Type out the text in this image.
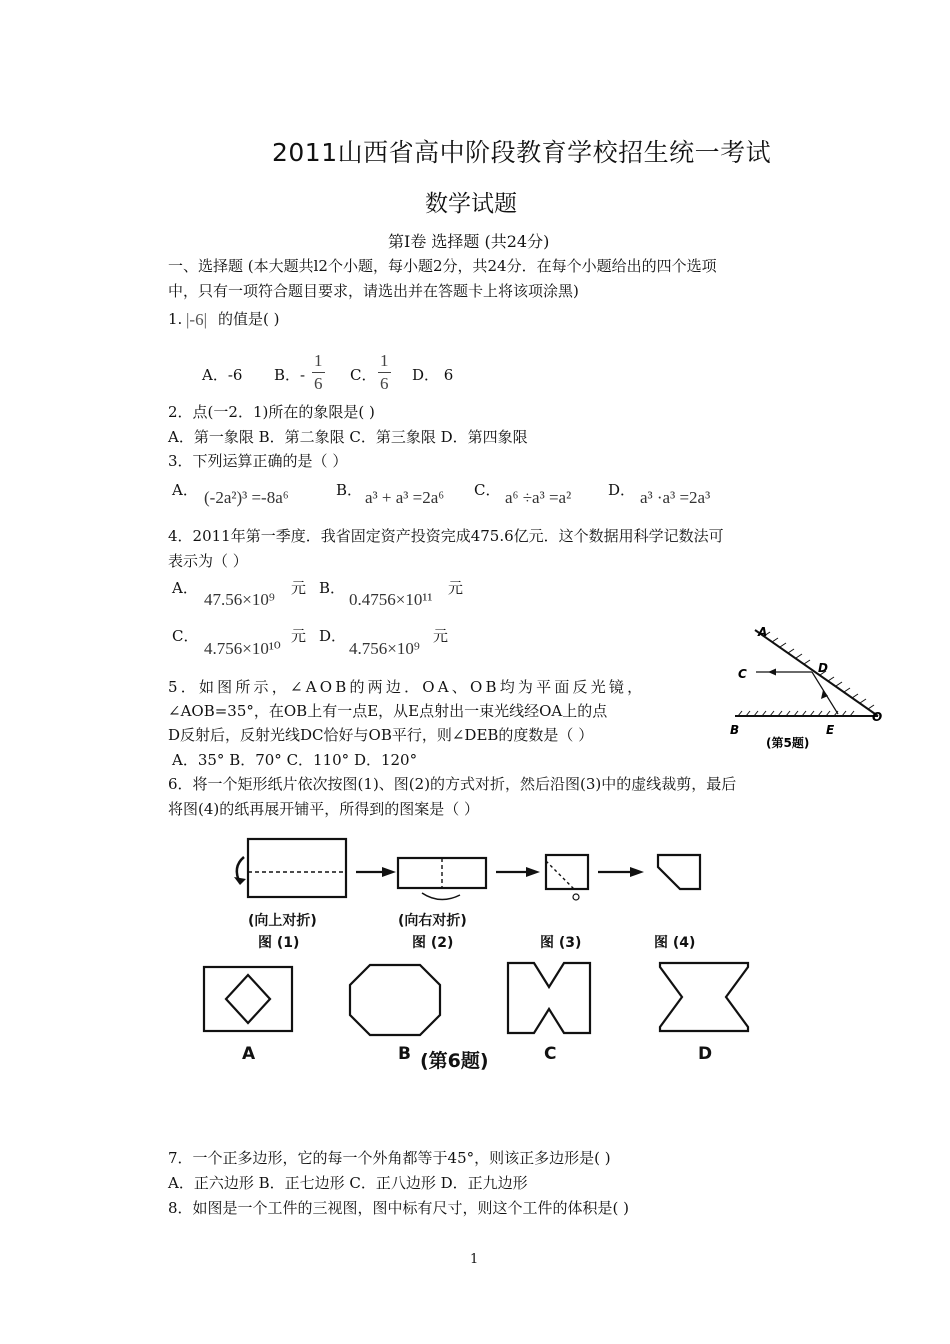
2011山西省高中阶段教育学校招生统一考试
数学试题
第Ⅰ卷 选择题 (共24分)
一、选择题 (本大题共l2个小题，每小题2分，共24分．在每个小题给出的四个选项
中，只有一项符合题目要求，请选出并在答题卡上将该项涂黑)
1. |-6| 的值是( )
A．-6 B．- $\frac{1}{6}$ C． $\frac{1}{6}$ D． 6
2．点(一2．1)所在的象限是( )
A．第一象限 B．第二象限 C．第三象限 D．第四象限
3．下列运算正确的是（ ）
A． (-2a²)³ =-8a⁶	B． a³ + a³ =2a⁶ C． a⁶ ÷a³ =a² D． a³ ·a³ =2a³
4．2011年第一季度．我省固定资产投资完成475.6亿元．这个数据用科学记数法可
表示为（ ）
A．
47.56×10⁹
元 B．
0.4756×10¹¹
元
C．
4.756×10¹⁰
元 D．
4.756×10⁹
元
5．如图所示，∠AOB的两边．OA、OB均为平面反光镜，
∠AOB=35°，在OB上有一点E，从E点射出一束光线经OA上的点
D反射后，反射光线DC恰好与OB平行，则∠DEB的度数是（ ）
A．35° B．70° C．110° D．120°
A
C	D
B	E
O
(第5题)
6．将一个矩形纸片依次按图(1)、图(2)的方式对折，然后沿图(3)中的虚线裁剪，最后
将图(4)的纸再展开铺平，所得到的图案是（ ）
(向上对折)	(向右对折)
图 (1)	图 (2)	图 (3)	图 (4)
A	B	C	D
(第6题)
7．一个正多边形，它的每一个外角都等于45°，则该正多边形是( )
A．正六边形 B．正七边形 C．正八边形 D．正九边形
8．如图是一个工件的三视图，图中标有尺寸，则这个工件的体积是( )
1
